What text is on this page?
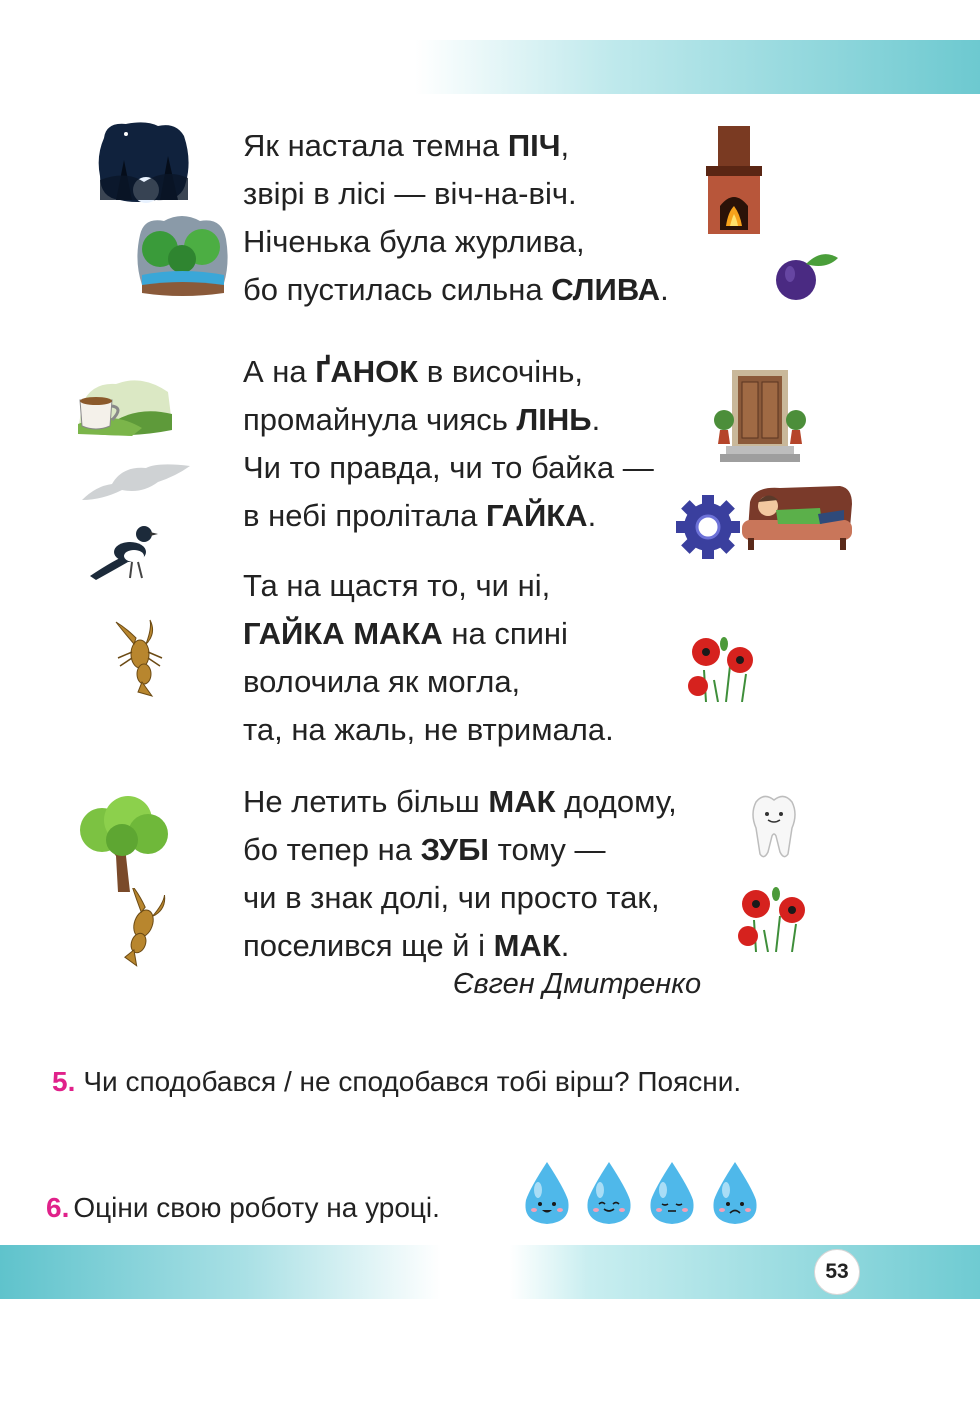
Як настала темна ПІЧ,
звірі в лісі — віч-на-віч.
Ніченька була журлива,
бо пустилась сильна СЛИВА.
А на ҐАНОК в височінь,
промайнула чиясь ЛІНЬ.
Чи то правда, чи то байка —
в небі пролітала ГАЙКА.
Та на щастя то, чи ні,
ГАЙКА МАКА на спині
волочила як могла,
та, на жаль, не втримала.
Не летить більш МАК додому,
бо тепер на ЗУБІ тому —
чи в знак долі, чи просто так,
поселився ще й і МАК.
Євген Дмитренко
5. Чи сподобався / не сподобався тобі вірш? Поясни.
6. Оціни свою роботу на уроці.
53
